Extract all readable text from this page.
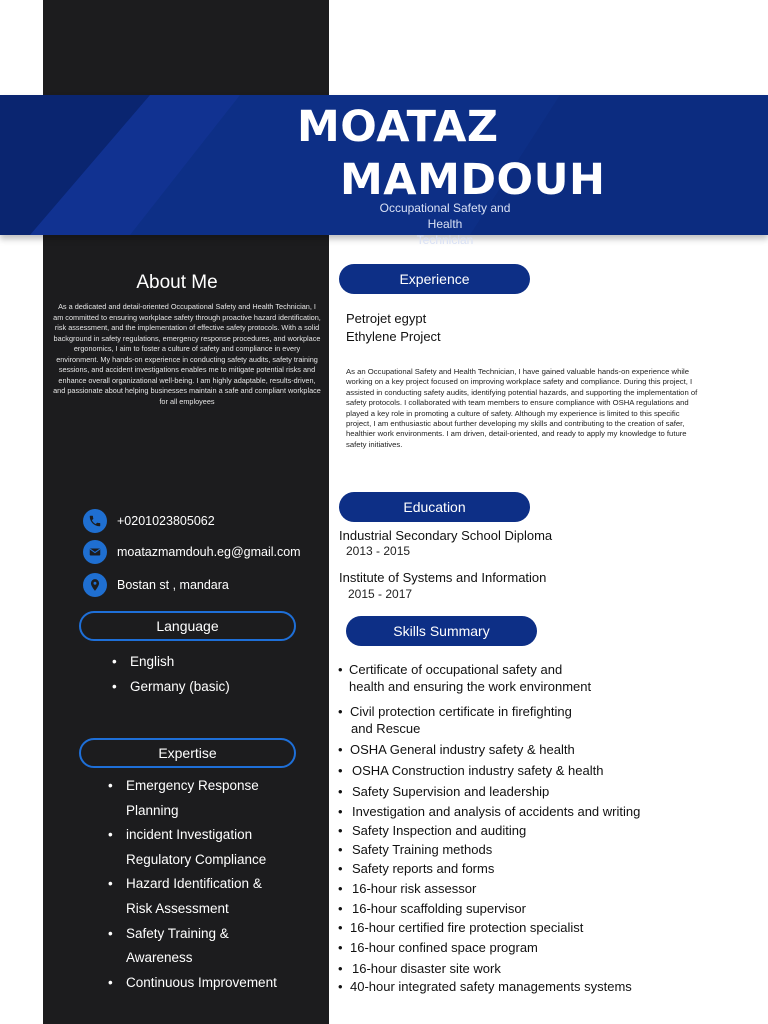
MOATAZ
MAMDOUH
Occupational Safety and Health
Technician
About Me
As a dedicated and detail-oriented Occupational Safety and Health Technician, I am committed to ensuring workplace safety through proactive hazard identification, risk assessment, and the implementation of effective safety protocols. With a solid background in safety regulations, emergency response procedures, and workplace ergonomics, I aim to foster a culture of safety and compliance in every environment. My hands-on experience in conducting safety audits, safety training sessions, and accident investigations enables me to mitigate potential risks and enhance overall organizational well-being. I am highly adaptable, results-driven, and passionate about helping businesses maintain a safe and compliant workplace for all employees
+0201023805062
moatazmamdouh.eg@gmail.com
Bostan st , mandara
Language
• English
• Germany (basic)
Expertise
• Emergency Response
Planning
• incident Investigation
Regulatory Compliance
• Hazard Identification &
Risk Assessment
• Safety Training &
Awareness
• Continuous Improvement
Experience
Petrojet egypt
Ethylene Project
As an Occupational Safety and Health Technician, I have gained valuable hands-on experience while working on a key project focused on improving workplace safety and compliance. During this project, I assisted in conducting safety audits, identifying potential hazards, and supporting the implementation of safety protocols. I collaborated with team members to ensure compliance with OSHA regulations and played a key role in promoting a culture of safety. Although my experience is limited to this specific project, I am enthusiastic about further developing my skills and contributing to the creation of safer, healthier work environments. I am driven, detail-oriented, and ready to apply my knowledge to future safety initiatives.
Education
Industrial Secondary School Diploma
2013 - 2015
Institute of Systems and Information
2015 - 2017
Skills Summary
• Certificate of occupational safety and
health and ensuring the work environment
• Civil protection certificate in firefighting
and Rescue
• OSHA General industry safety & health
• OSHA Construction industry safety & health
• Safety Supervision and leadership
• Investigation and analysis of accidents and writing
• Safety Inspection and auditing
• Safety Training methods
• Safety reports and forms
• 16-hour risk assessor
• 16-hour scaffolding supervisor
• 16-hour certified fire protection specialist
• 16-hour confined space program
• 16-hour disaster site work
• 40-hour integrated safety managements systems
